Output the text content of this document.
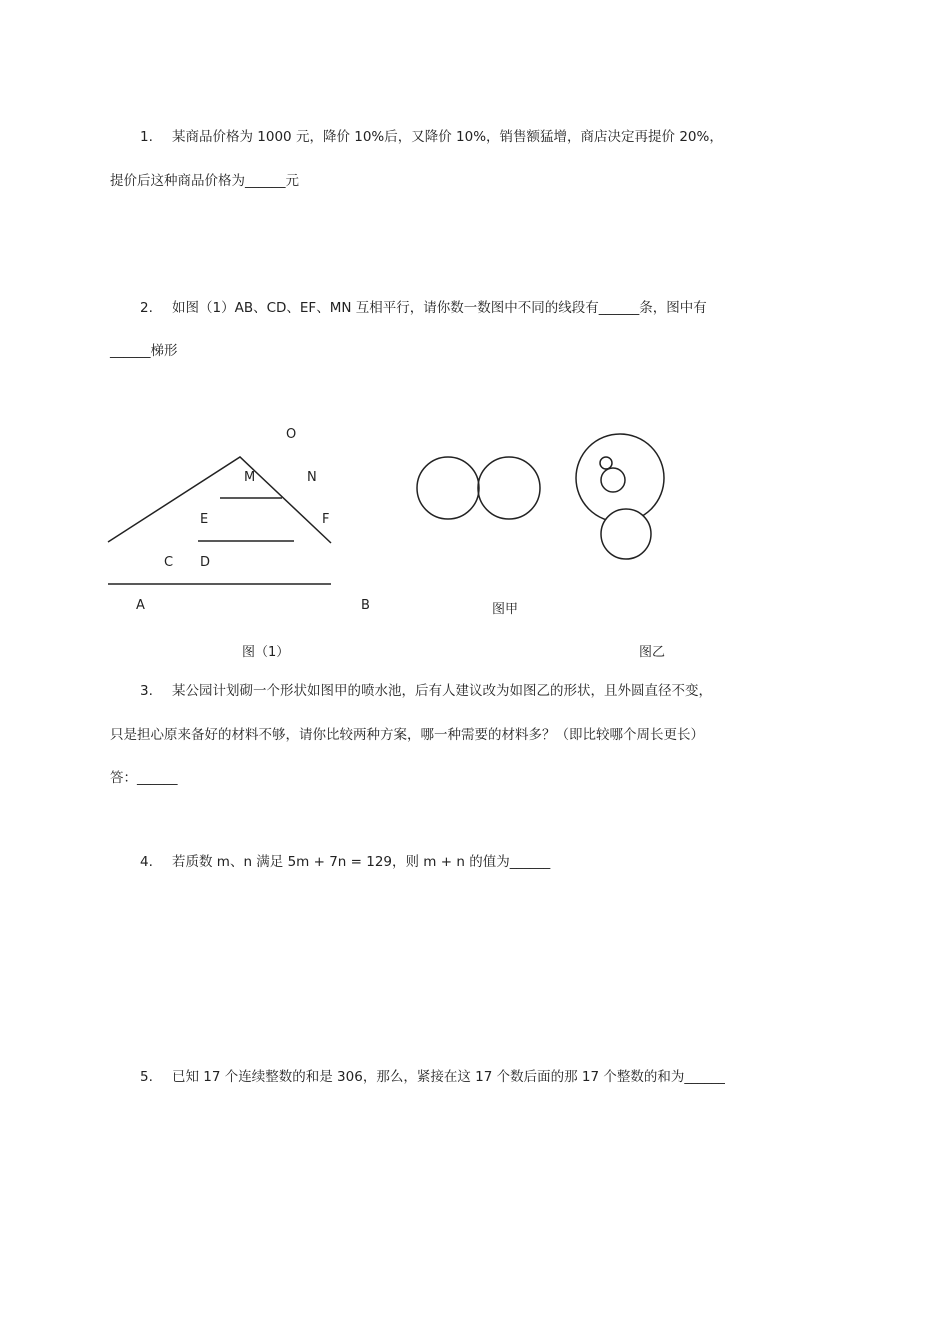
1. 某商品价格为 1000 元，降价 10%后，又降价 10%，销售额猛增，商店决定再提价 20%，
提价后这种商品价格为______元
2. 如图（1）AB、CD、EF、MN 互相平行，请你数一数图中不同的线段有______条，图中有
______梯形
O
M	N
E	F
C D
A	B	图甲
图（1）	图乙
3. 某公园计划砌一个形状如图甲的喷水池，后有人建议改为如图乙的形状，且外圆直径不变，
只是担心原来备好的材料不够，请你比较两种方案，哪一种需要的材料多？（即比较哪个周长更长）
答：______
4. 若质数 m、n 满足 5m + 7n = 129，则 m + n 的值为______
5. 已知 17 个连续整数的和是 306，那么，紧接在这 17 个数后面的那 17 个整数的和为______
